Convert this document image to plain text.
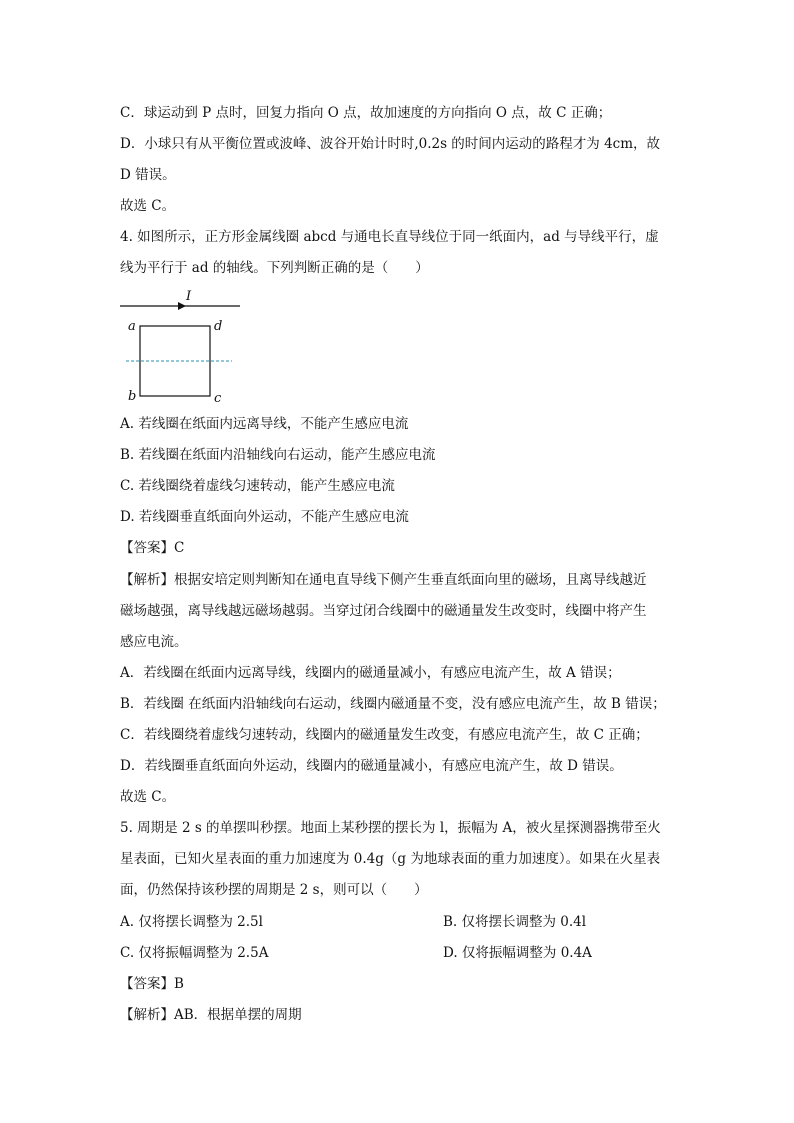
C．球运动到 P 点时，回复力指向 O 点，故加速度的方向指向 O 点，故 C 正确；
D．小球只有从平衡位置或波峰、波谷开始计时时,0.2s 的时间内运动的路程才为 4cm，故
D 错误。
故选 C。
4. 如图所示，正方形金属线圈 abcd 与通电长直导线位于同一纸面内，ad 与导线平行，虚
线为平行于 ad 的轴线。下列判断正确的是（　　）
I
a	d
b	c
A. 若线圈在纸面内远离导线，不能产生感应电流
B. 若线圈在纸面内沿轴线向右运动，能产生感应电流
C. 若线圈绕着虚线匀速转动，能产生感应电流
D. 若线圈垂直纸面向外运动，不能产生感应电流
【答案】C
【解析】根据安培定则判断知在通电直导线下侧产生垂直纸面向里的磁场，且离导线越近
磁场越强，离导线越远磁场越弱。当穿过闭合线圈中的磁通量发生改变时，线圈中将产生
感应电流。
A．若线圈在纸面内远离导线，线圈内的磁通量减小，有感应电流产生，故 A 错误；
B．若线圈 在纸面内沿轴线向右运动，线圈内磁通量不变，没有感应电流产生，故 B 错误；
C．若线圈绕着虚线匀速转动，线圈内的磁通量发生改变，有感应电流产生，故 C 正确；
D．若线圈垂直纸面向外运动，线圈内的磁通量减小，有感应电流产生，故 D 错误。
故选 C。
5. 周期是 2 s 的单摆叫秒摆。地面上某秒摆的摆长为 l，振幅为 A，被火星探测器携带至火
星表面，已知火星表面的重力加速度为 0.4g（g 为地球表面的重力加速度）。如果在火星表
面，仍然保持该秒摆的周期是 2 s，则可以（　　）
A. 仅将摆长调整为 2.5l	B. 仅将摆长调整为 0.4l
C. 仅将振幅调整为 2.5A	D. 仅将振幅调整为 0.4A
【答案】B
【解析】AB．根据单摆的周期
